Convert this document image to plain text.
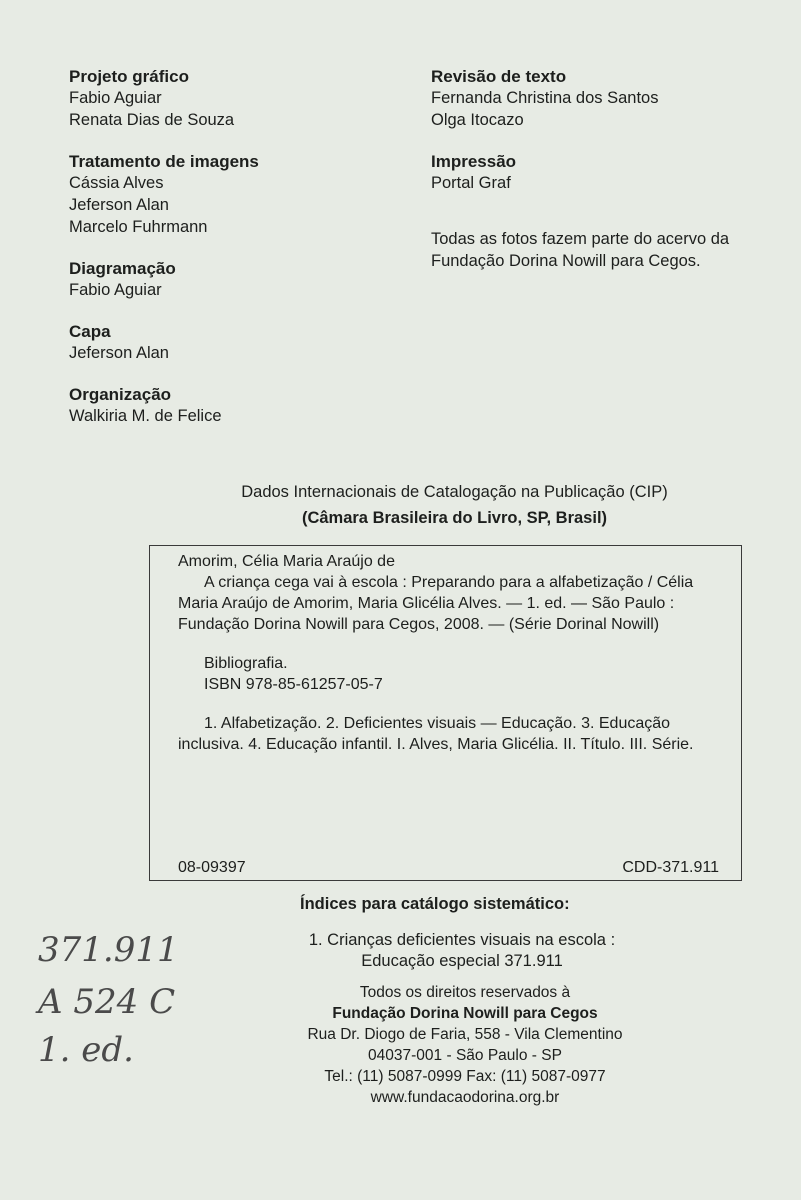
Projeto gráfico
Fabio Aguiar
Renata Dias de Souza
Tratamento de imagens
Cássia Alves
Jeferson Alan
Marcelo Fuhrmann
Diagramação
Fabio Aguiar
Capa
Jeferson Alan
Organização
Walkiria M. de Felice
Revisão de texto
Fernanda Christina dos Santos
Olga Itocazo
Impressão
Portal Graf
Todas as fotos fazem parte do acervo da
Fundação Dorina Nowill para Cegos.
Dados Internacionais de Catalogação na Publicação (CIP)
(Câmara Brasileira do Livro, SP, Brasil)
Amorim, Célia Maria Araújo de
A criança cega vai à escola : Preparando para a alfabetização / Célia Maria Araújo de Amorim, Maria Glicélia Alves. — 1. ed. — São Paulo : Fundação Dorina Nowill para Cegos, 2008. — (Série Dorinal Nowill)
Bibliografia.
ISBN 978-85-61257-05-7
1. Alfabetização. 2. Deficientes visuais — Educação. 3. Educação inclusiva. 4. Educação infantil. I. Alves, Maria Glicélia. II. Título. III. Série.
08-09397	CDD-371.911
Índices para catálogo sistemático:
1. Crianças deficientes visuais na escola :
Educação especial 371.911
Todos os direitos reservados à
Fundação Dorina Nowill para Cegos
Rua Dr. Diogo de Faria, 558 - Vila Clementino
04037-001 - São Paulo - SP
Tel.: (11) 5087-0999 Fax: (11) 5087-0977
www.fundacaodorina.org.br
371.911
A 524 C
1. ed.
